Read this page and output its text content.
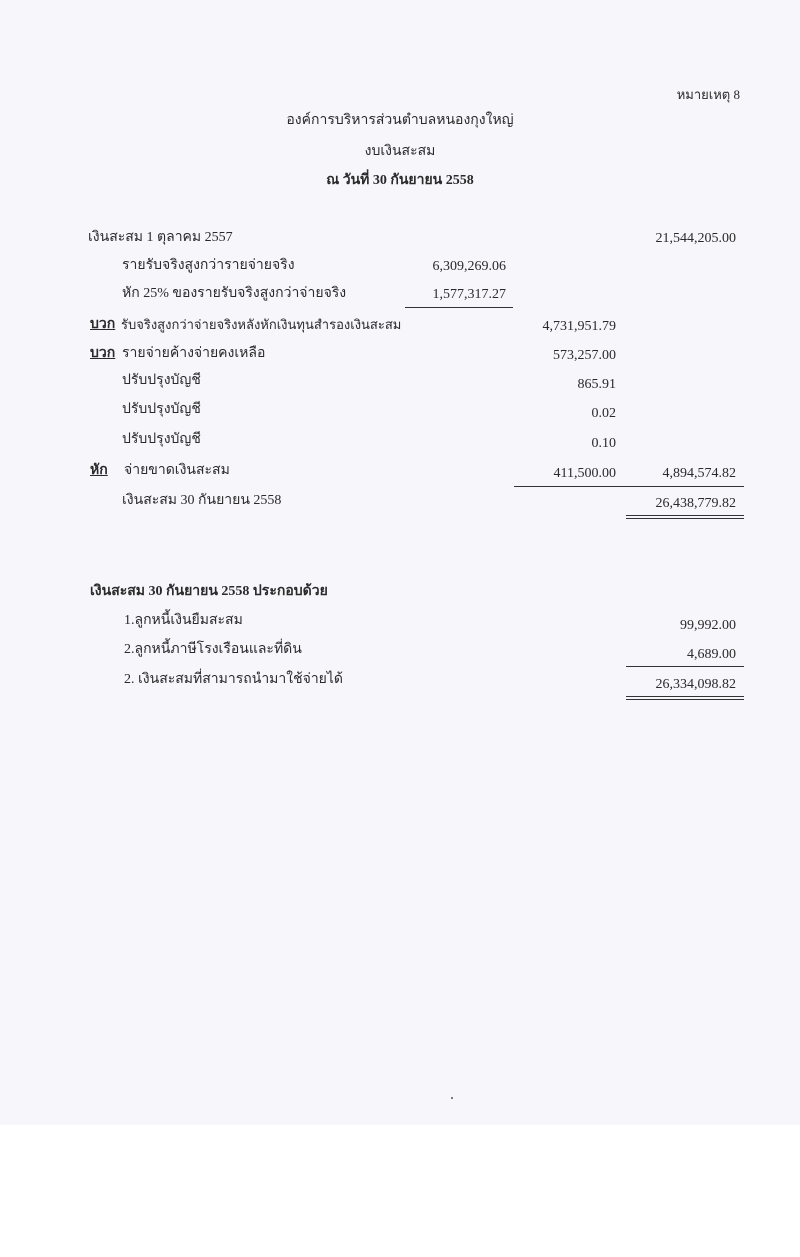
หมายเหตุ 8
องค์การบริหารส่วนตำบลหนองกุงใหญ่
งบเงินสะสม
ณ วันที่ 30 กันยายน 2558
เงินสะสม 1 ตุลาคม 2557	21,544,205.00
รายรับจริงสูงกว่ารายจ่ายจริง	6,309,269.06
หัก 25% ของรายรับจริงสูงกว่าจ่ายจริง	1,577,317.27
บวก รับจริงสูงกว่าจ่ายจริงหลังหักเงินทุนสำรองเงินสะสม	4,731,951.79
บวก รายจ่ายค้างจ่ายคงเหลือ	573,257.00
ปรับปรุงบัญชี	865.91
ปรับปรุงบัญชี	0.02
ปรับปรุงบัญชี	0.10
หัก จ่ายขาดเงินสะสม	411,500.00	4,894,574.82
เงินสะสม 30 กันยายน 2558	26,438,779.82
เงินสะสม 30 กันยายน 2558 ประกอบด้วย
1.ลูกหนี้เงินยืมสะสม	99,992.00
2.ลูกหนี้ภาษีโรงเรือนและที่ดิน	4,689.00
2. เงินสะสมที่สามารถนำมาใช้จ่ายได้	26,334,098.82
